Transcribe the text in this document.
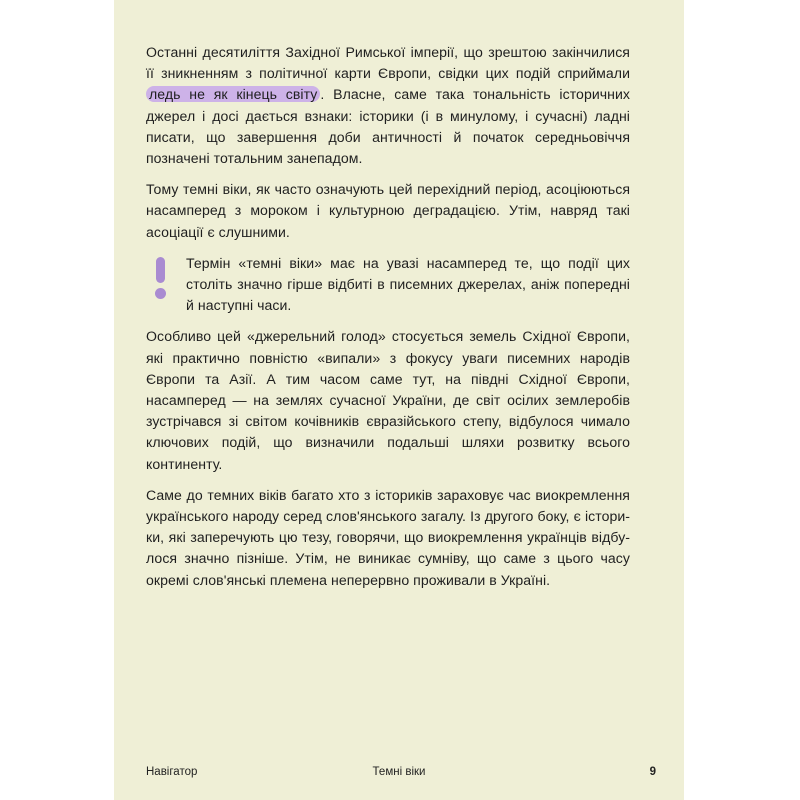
Останні десятиліття Західної Римської імперії, що зрештою закінчилися її зникненням з політичної карти Європи, свідки цих подій сприймали ледь не як кінець світу . Власне, саме така тональність історичних джерел і досі дається взнаки: історики (і в минулому, і сучасні) ладні писати, що завершення доби античності й початок середньовіччя позначені тотальним занепадом.

Тому темні віки, як часто означують цей перехідний період, асоціюються насамперед з мороком і культурною деградацією. Утім, навряд такі асоціації є слушними.

Термін «темні віки» має на увазі насамперед те, що події цих століть значно гірше відбиті в писемних джерелах, аніж попередні й наступні часи.

Особливо цей «джерельний голод» стосується земель Східної Європи, які практично повністю «випали» з фокусу уваги писемних народів Європи та Азії. А тим часом саме тут, на півдні Східної Європи, насамперед — на землях сучасної України, де світ осілих землеробів зустрічався зі світом кочівників євразійського степу, відбулося чимало ключових подій, що визначили подальші шляхи розвитку всього континенту.

Саме до темних віків багато хто з істориків зараховує час виокремлення українського народу серед слов'янського загалу. Із другого боку, є історики, які заперечують цю тезу, говорячи, що виокремлення українців відбулося значно пізніше. Утім, не виникає сумніву, що саме з цього часу окремі слов'янські племена неперервно проживали в Україні.

Навігатор	Темні віки	9
